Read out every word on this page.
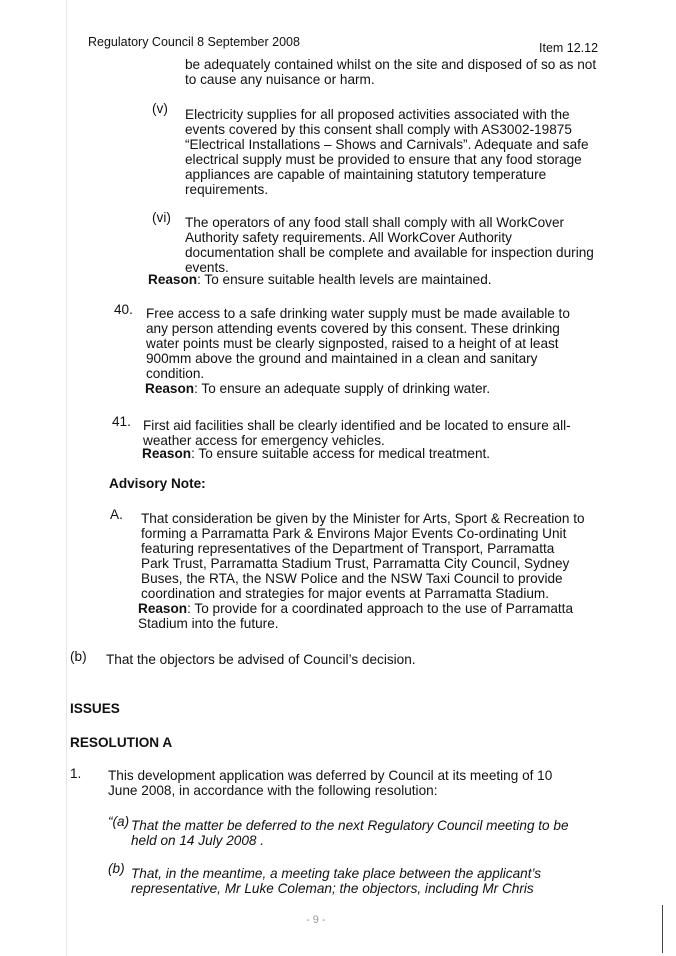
Regulatory Council 8 September 2008	Item 12.12
be adequately contained whilst on the site and disposed of so as not
to cause any nuisance or harm.
(v) Electricity supplies for all proposed activities associated with the
events covered by this consent shall comply with AS3002-19875
“Electrical Installations – Shows and Carnivals”. Adequate and safe
electrical supply must be provided to ensure that any food storage
appliances are capable of maintaining statutory temperature
requirements.
(vi) The operators of any food stall shall comply with all WorkCover
Authority safety requirements. All WorkCover Authority
documentation shall be complete and available for inspection during
events.
Reason: To ensure suitable health levels are maintained.
40. Free access to a safe drinking water supply must be made available to
any person attending events covered by this consent. These drinking
water points must be clearly signposted, raised to a height of at least
900mm above the ground and maintained in a clean and sanitary
condition.
Reason: To ensure an adequate supply of drinking water.
41. First aid facilities shall be clearly identified and be located to ensure all-
weather access for emergency vehicles.
Reason: To ensure suitable access for medical treatment.
Advisory Note:
A. That consideration be given by the Minister for Arts, Sport & Recreation to
forming a Parramatta Park & Environs Major Events Co-ordinating Unit
featuring representatives of the Department of Transport, Parramatta
Park Trust, Parramatta Stadium Trust, Parramatta City Council, Sydney
Buses, the RTA, the NSW Police and the NSW Taxi Council to provide
coordination and strategies for major events at Parramatta Stadium.
Reason: To provide for a coordinated approach to the use of Parramatta
Stadium into the future.
(b) That the objectors be advised of Council’s decision.
ISSUES
RESOLUTION A
1. This development application was deferred by Council at its meeting of 10
June 2008, in accordance with the following resolution:
“(a) That the matter be deferred to the next Regulatory Council meeting to be
held on 14 July 2008 .
(b) That, in the meantime, a meeting take place between the applicant’s
representative, Mr Luke Coleman; the objectors, including Mr Chris
- 9 -
